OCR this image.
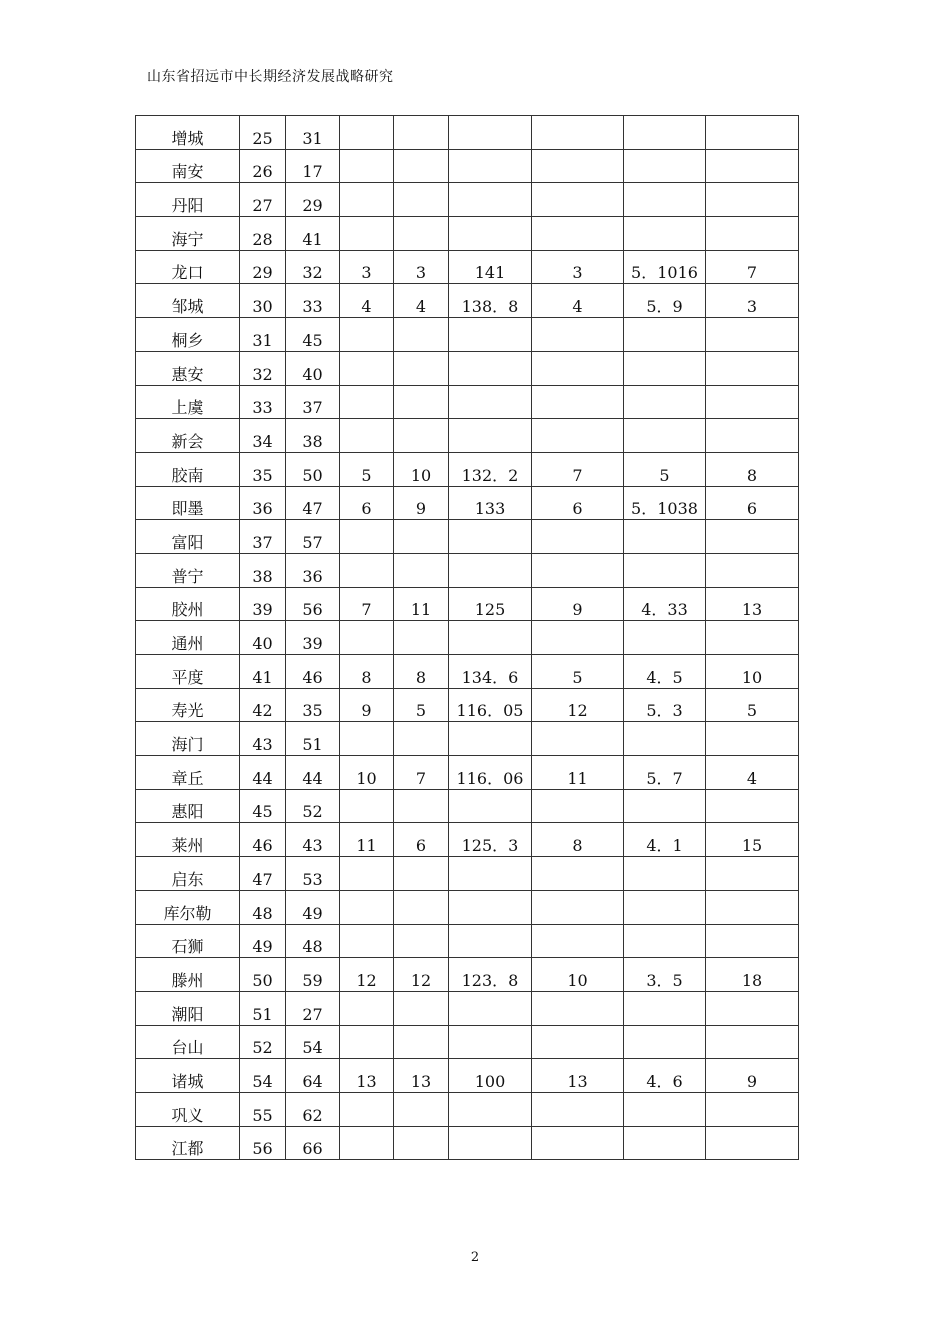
山东省招远市中长期经济发展战略研究
增城	25	31						
南安	26	17						
丹阳	27	29						
海宁	28	41						
龙口	29	32	3	3	141	3	5．1016	7
邹城	30	33	4	4	138．8	4	5．9	3
桐乡	31	45						
惠安	32	40						
上虞	33	37						
新会	34	38						
胶南	35	50	5	10	132．2	7	5	8
即墨	36	47	6	9	133	6	5．1038	6
富阳	37	57						
普宁	38	36						
胶州	39	56	7	11	125	9	4．33	13
通州	40	39						
平度	41	46	8	8	134．6	5	4．5	10
寿光	42	35	9	5	116．05	12	5．3	5
海门	43	51						
章丘	44	44	10	7	116．06	11	5．7	4
惠阳	45	52						
莱州	46	43	11	6	125．3	8	4．1	15
启东	47	53						
库尔勒	48	49						
石狮	49	48						
滕州	50	59	12	12	123．8	10	3．5	18
潮阳	51	27						
台山	52	54						
诸城	54	64	13	13	100	13	4．6	9
巩义	55	62						
江都	56	66						
2
